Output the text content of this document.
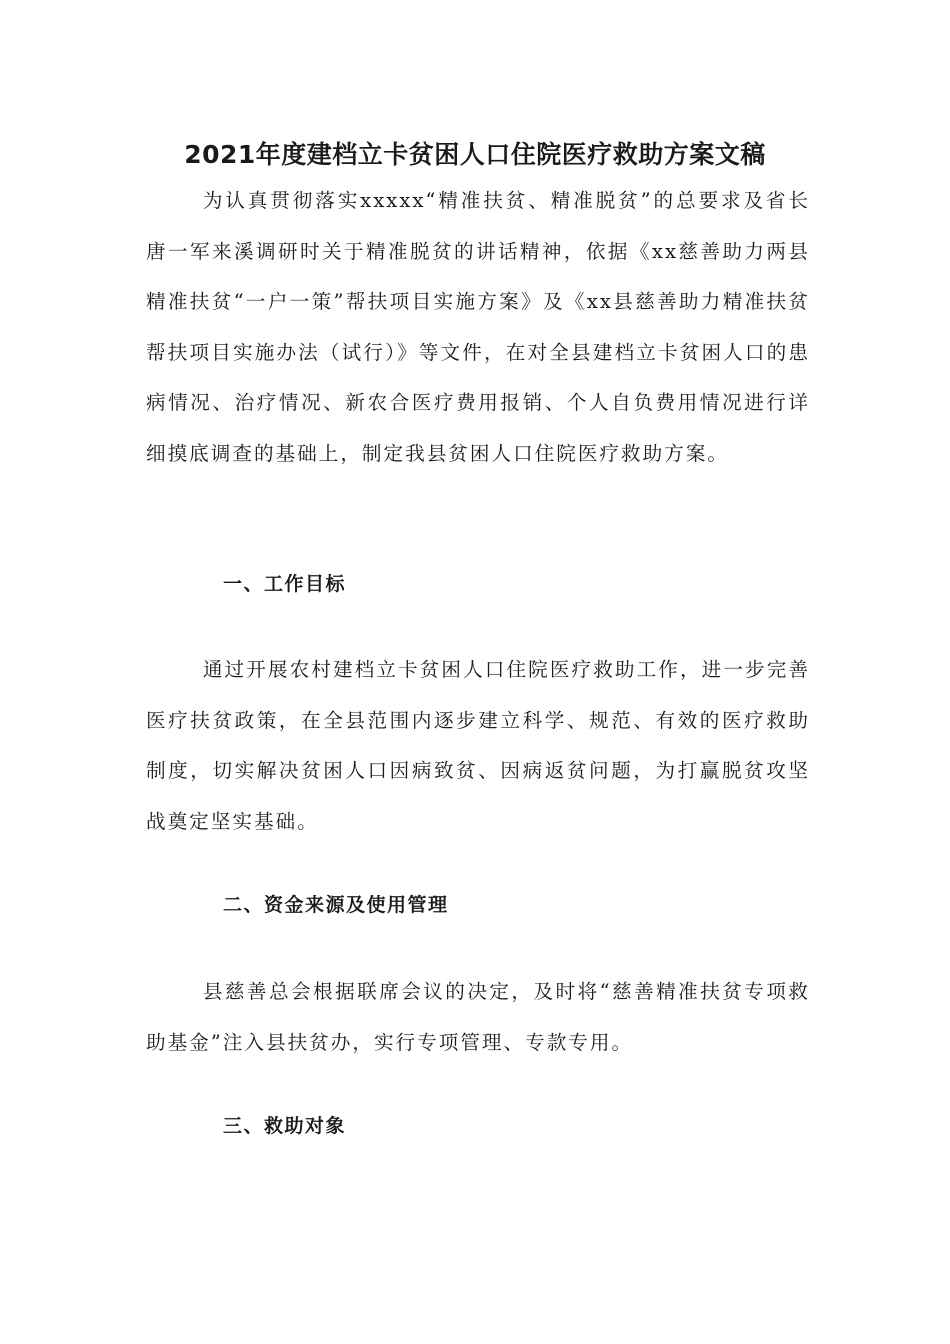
2021年度建档立卡贫困人口住院医疗救助方案文稿

为认真贯彻落实xxxxx“精准扶贫、精准脱贫”的总要求及省长唐一军来溪调研时关于精准脱贫的讲话精神，依据《xx慈善助力两县精准扶贫“一户一策”帮扶项目实施方案》及《xx县慈善助力精准扶贫帮扶项目实施办法（试行）》等文件，在对全县建档立卡贫困人口的患病情况、治疗情况、新农合医疗费用报销、个人自负费用情况进行详细摸底调查的基础上，制定我县贫困人口住院医疗救助方案。

一、工作目标

通过开展农村建档立卡贫困人口住院医疗救助工作，进一步完善医疗扶贫政策，在全县范围内逐步建立科学、规范、有效的医疗救助制度，切实解决贫困人口因病致贫、因病返贫问题，为打赢脱贫攻坚战奠定坚实基础。

二、资金来源及使用管理

县慈善总会根据联席会议的决定，及时将“慈善精准扶贫专项救助基金”注入县扶贫办，实行专项管理、专款专用。

三、救助对象
